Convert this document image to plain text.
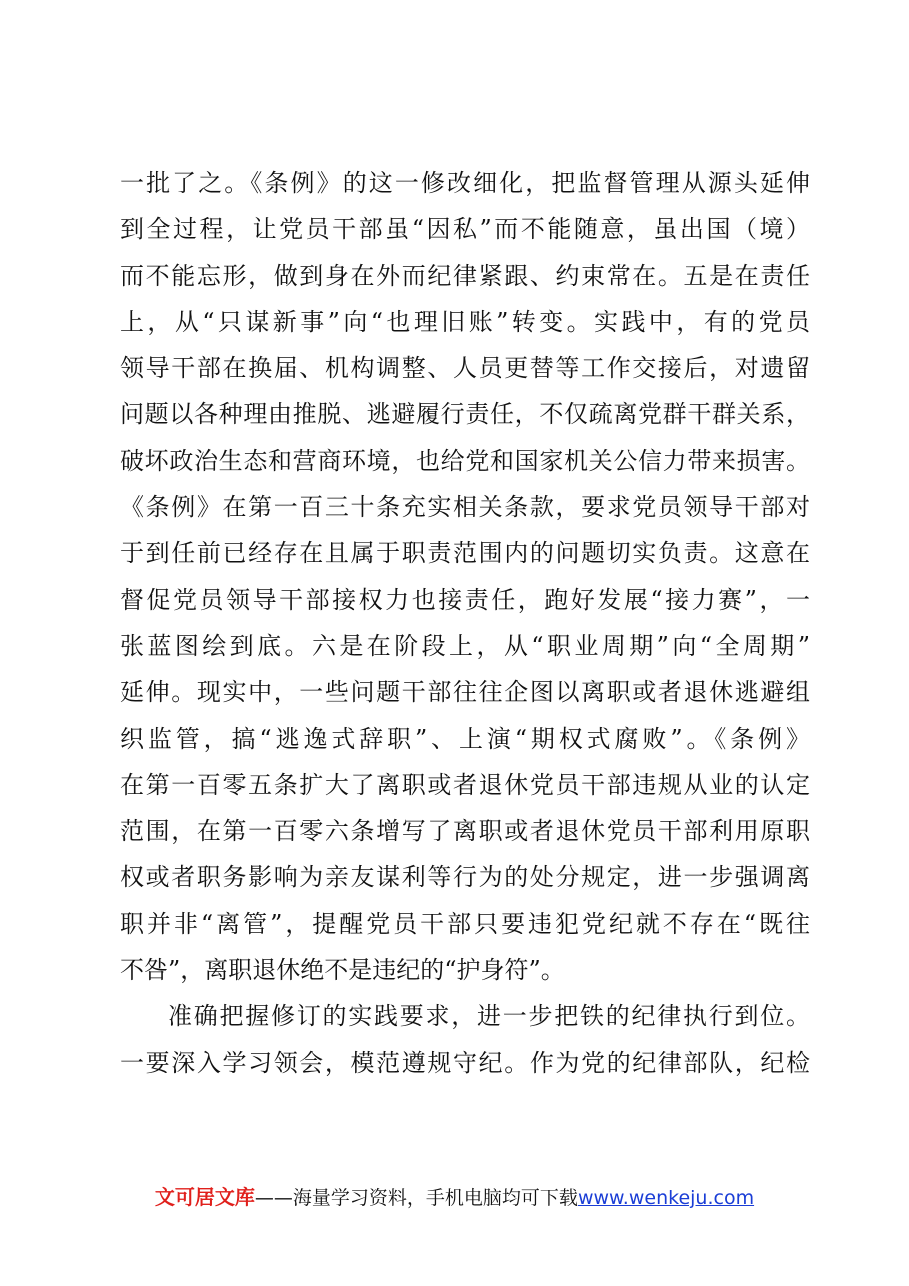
一批了之。《条例》的这一修改细化，把监督管理从源头延伸
到全过程，让党员干部虽“因私”而不能随意，虽出国（境）
而不能忘形，做到身在外而纪律紧跟、约束常在。五是在责任
上，从“只谋新事”向“也理旧账”转变。实践中，有的党员
领导干部在换届、机构调整、人员更替等工作交接后，对遗留
问题以各种理由推脱、逃避履行责任，不仅疏离党群干群关系，
破坏政治生态和营商环境，也给党和国家机关公信力带来损害。
《条例》在第一百三十条充实相关条款，要求党员领导干部对
于到任前已经存在且属于职责范围内的问题切实负责。这意在
督促党员领导干部接权力也接责任，跑好发展“接力赛”，一
张蓝图绘到底。六是在阶段上，从“职业周期”向“全周期”
延伸。现实中，一些问题干部往往企图以离职或者退休逃避组
织监管，搞“逃逸式辞职”、上演“期权式腐败”。《条例》
在第一百零五条扩大了离职或者退休党员干部违规从业的认定
范围，在第一百零六条增写了离职或者退休党员干部利用原职
权或者职务影响为亲友谋利等行为的处分规定，进一步强调离
职并非“离管”，提醒党员干部只要违犯党纪就不存在“既往
不咎”，离职退休绝不是违纪的“护身符”。
准确把握修订的实践要求，进一步把铁的纪律执行到位。
一要深入学习领会，模范遵规守纪。作为党的纪律部队，纪检
文可居文库——海量学习资料，手机电脑均可下载www.wenkeju.com
